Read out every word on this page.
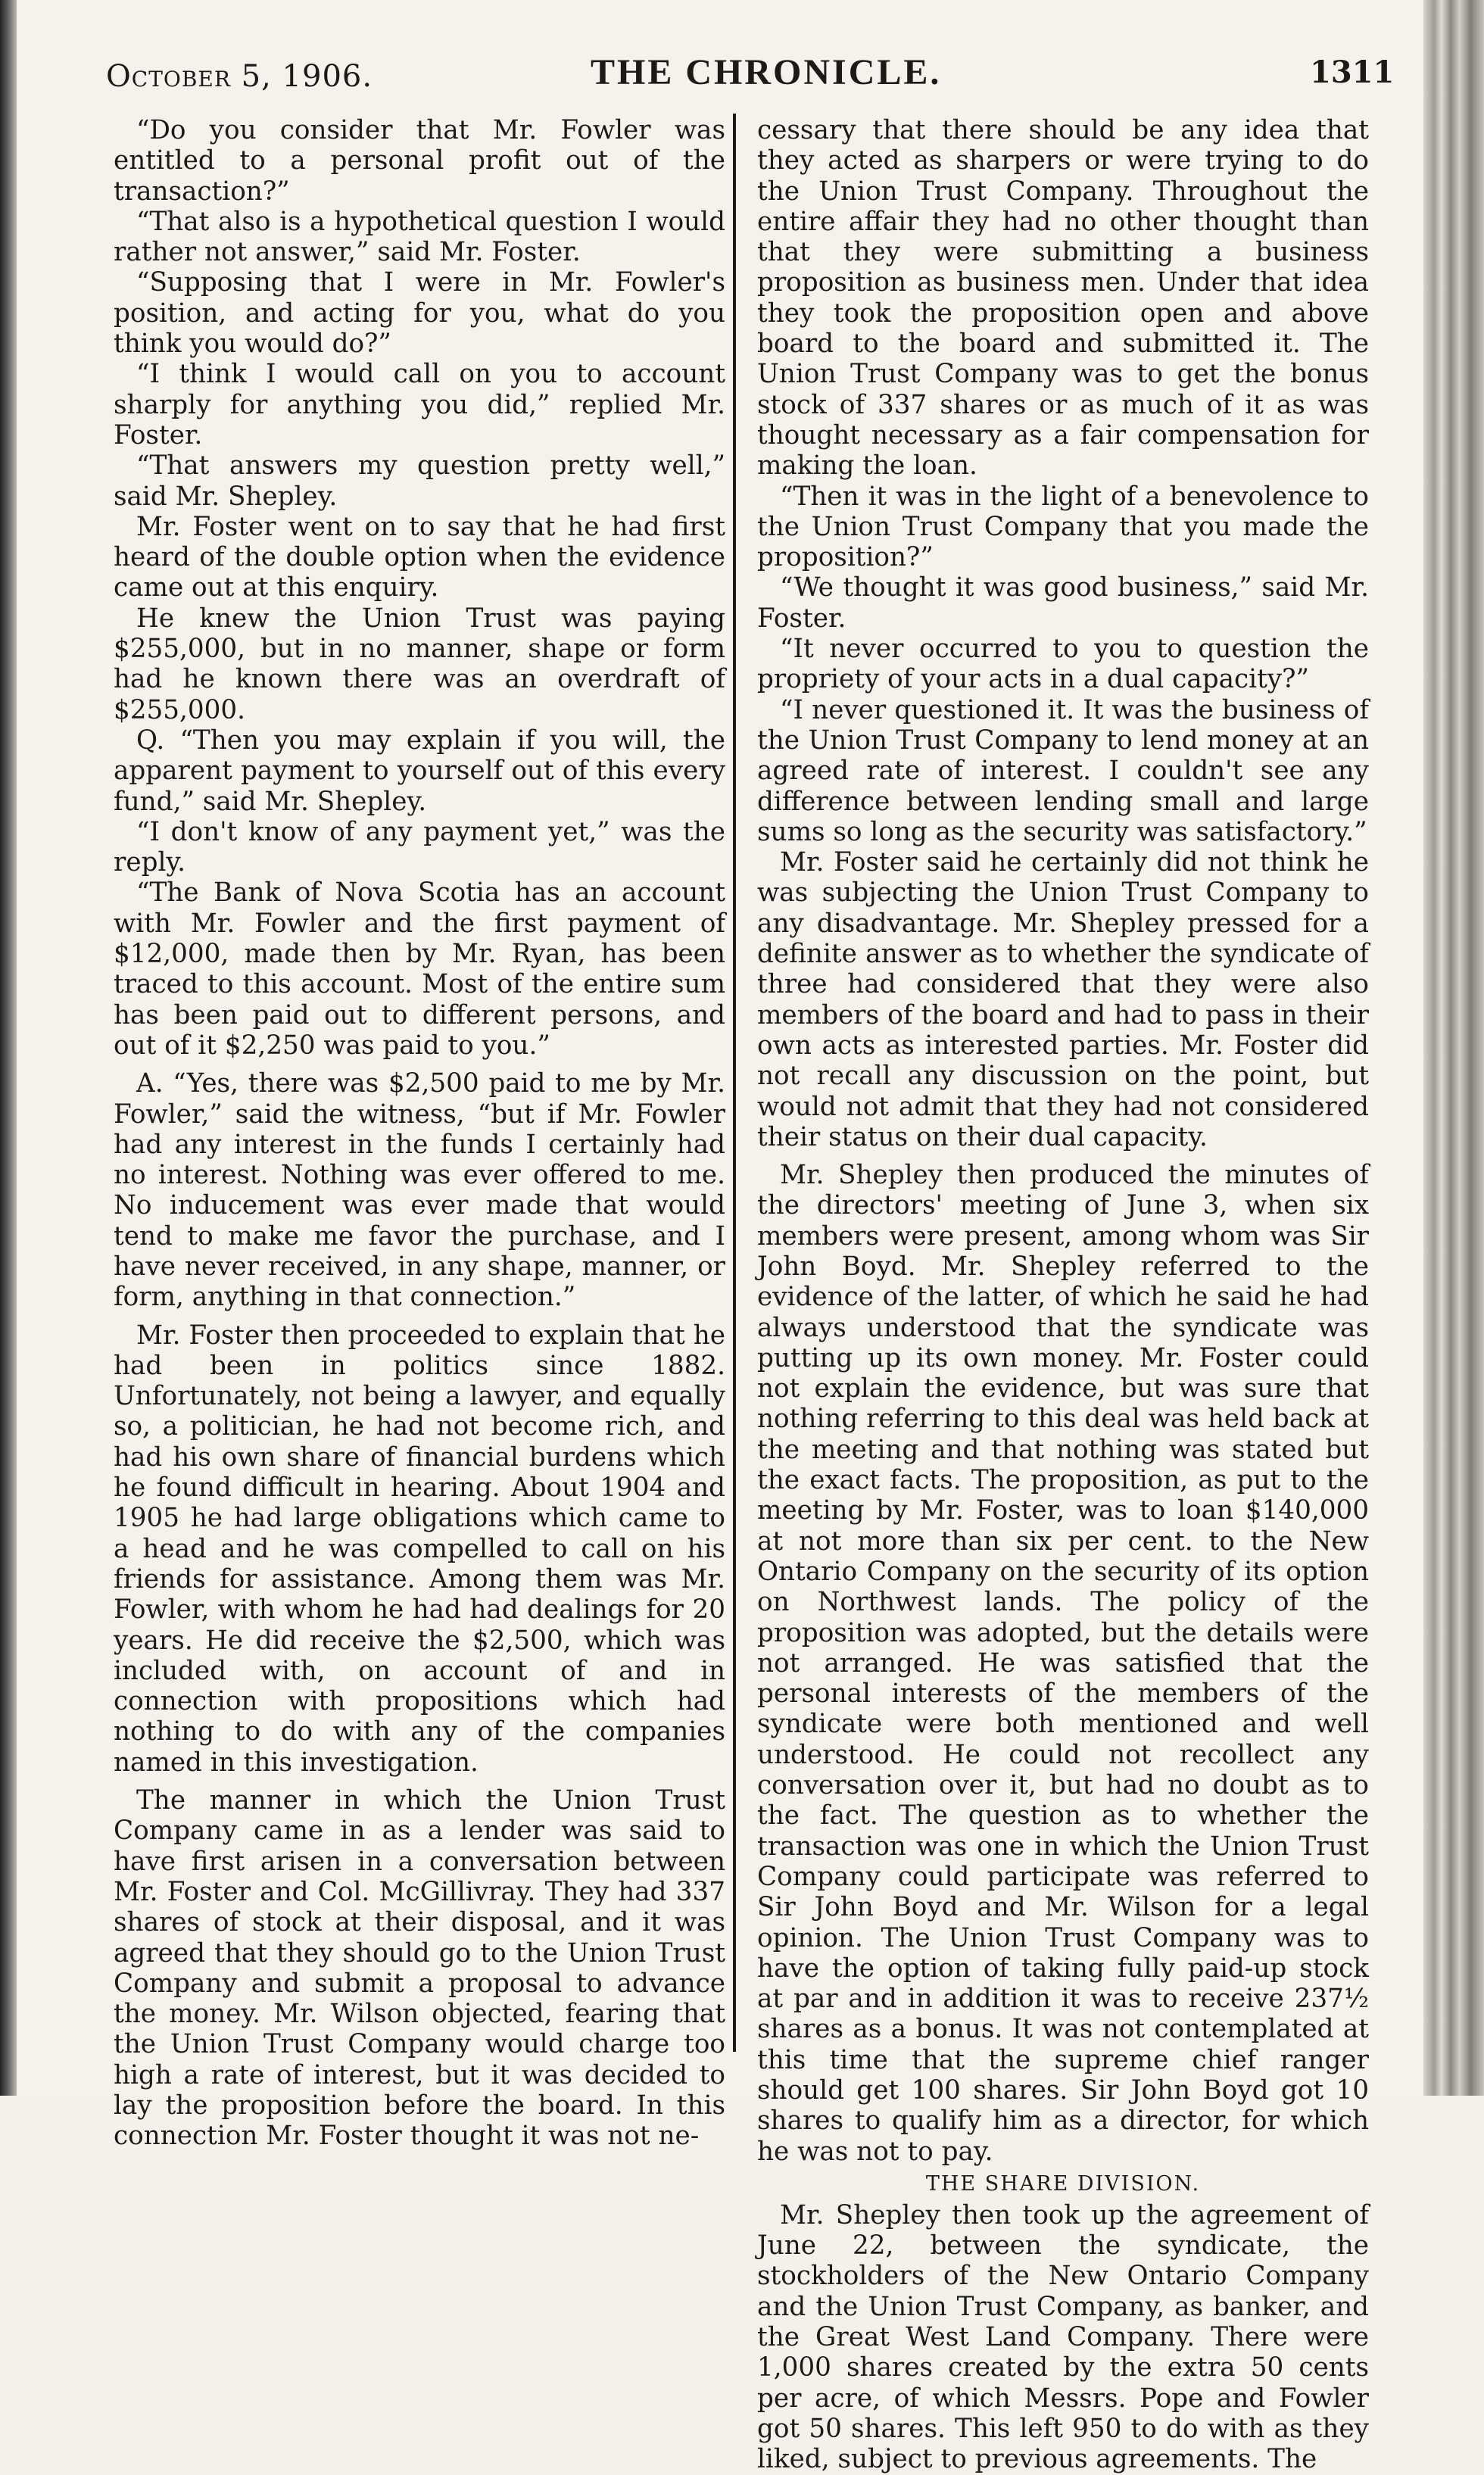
October 5, 1906.	THE CHRONICLE.	1311

“Do you consider that Mr. Fowler was entitled to a personal profit out of the transaction?”

“That also is a hypothetical question I would rather not answer,” said Mr. Foster.

“Supposing that I were in Mr. Fowler's position, and acting for you, what do you think you would do?”

“I think I would call on you to account sharply for anything you did,” replied Mr. Foster.

“That answers my question pretty well,” said Mr. Shepley.

Mr. Foster went on to say that he had first heard of the double option when the evidence came out at this enquiry.

He knew the Union Trust was paying $255,000, but in no manner, shape or form had he known there was an overdraft of $255,000.

Q. “Then you may explain if you will, the apparent payment to yourself out of this every fund,” said Mr. Shepley.

“I don't know of any payment yet,” was the reply.

“The Bank of Nova Scotia has an account with Mr. Fowler and the first payment of $12,000, made then by Mr. Ryan, has been traced to this account. Most of the entire sum has been paid out to different persons, and out of it $2,250 was paid to you.”

A. “Yes, there was $2,500 paid to me by Mr. Fowler,” said the witness, “but if Mr. Fowler had any interest in the funds I certainly had no interest. Nothing was ever offered to me. No inducement was ever made that would tend to make me favor the purchase, and I have never received, in any shape, manner, or form, anything in that connection.”

Mr. Foster then proceeded to explain that he had been in politics since 1882. Unfortunately, not being a lawyer, and equally so, a politician, he had not become rich, and had his own share of financial burdens which he found difficult in hearing. About 1904 and 1905 he had large obligations which came to a head and he was compelled to call on his friends for assistance. Among them was Mr. Fowler, with whom he had had dealings for 20 years. He did receive the $2,500, which was included with, on account of and in connection with propositions which had nothing to do with any of the companies named in this investigation.

The manner in which the Union Trust Company came in as a lender was said to have first arisen in a conversation between Mr. Foster and Col. McGillivray. They had 337 shares of stock at their disposal, and it was agreed that they should go to the Union Trust Company and submit a proposal to advance the money. Mr. Wilson objected, fearing that the Union Trust Company would charge too high a rate of interest, but it was decided to lay the proposition before the board. In this connection Mr. Foster thought it was not ne-

cessary that there should be any idea that they acted as sharpers or were trying to do the Union Trust Company. Throughout the entire affair they had no other thought than that they were submitting a business proposition as business men. Under that idea they took the proposition open and above board to the board and submitted it. The Union Trust Company was to get the bonus stock of 337 shares or as much of it as was thought necessary as a fair compensation for making the loan.

“Then it was in the light of a benevolence to the Union Trust Company that you made the proposition?”

“We thought it was good business,” said Mr. Foster.

“It never occurred to you to question the propriety of your acts in a dual capacity?”

“I never questioned it. It was the business of the Union Trust Company to lend money at an agreed rate of interest. I couldn't see any difference between lending small and large sums so long as the security was satisfactory.”

Mr. Foster said he certainly did not think he was subjecting the Union Trust Company to any disadvantage. Mr. Shepley pressed for a definite answer as to whether the syndicate of three had considered that they were also members of the board and had to pass in their own acts as interested parties. Mr. Foster did not recall any discussion on the point, but would not admit that they had not considered their status on their dual capacity.

Mr. Shepley then produced the minutes of the directors' meeting of June 3, when six members were present, among whom was Sir John Boyd. Mr. Shepley referred to the evidence of the latter, of which he said he had always understood that the syndicate was putting up its own money. Mr. Foster could not explain the evidence, but was sure that nothing referring to this deal was held back at the meeting and that nothing was stated but the exact facts. The proposition, as put to the meeting by Mr. Foster, was to loan $140,000 at not more than six per cent. to the New Ontario Company on the security of its option on Northwest lands. The policy of the proposition was adopted, but the details were not arranged. He was satisfied that the personal interests of the members of the syndicate were both mentioned and well understood. He could not recollect any conversation over it, but had no doubt as to the fact. The question as to whether the transaction was one in which the Union Trust Company could participate was referred to Sir John Boyd and Mr. Wilson for a legal opinion. The Union Trust Company was to have the option of taking fully paid-up stock at par and in addition it was to receive 237½ shares as a bonus. It was not contemplated at this time that the supreme chief ranger should get 100 shares. Sir John Boyd got 10 shares to qualify him as a director, for which he was not to pay.

THE SHARE DIVISION.

Mr. Shepley then took up the agreement of June 22, between the syndicate, the stockholders of the New Ontario Company and the Union Trust Company, as banker, and the Great West Land Company. There were 1,000 shares created by the extra 50 cents per acre, of which Messrs. Pope and Fowler got 50 shares. This left 950 to do with as they liked, subject to previous agreements. The
